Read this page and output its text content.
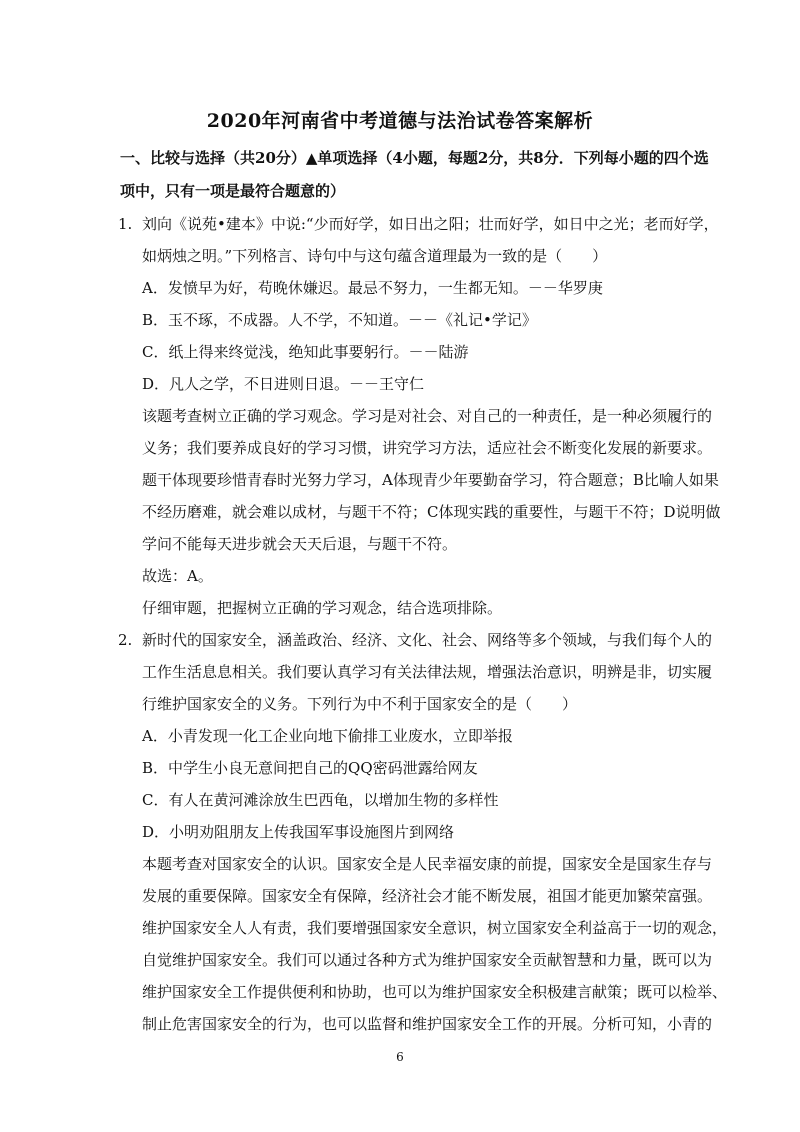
2020年河南省中考道德与法治试卷答案解析
一、比较与选择（共20分）▲单项选择（4小题，每题2分，共8分．下列每小题的四个选
项中，只有一项是最符合题意的）
1. 刘向《说苑•建本》中说:“少而好学，如日出之阳；壮而好学，如日中之光；老而好学，
如炳烛之明。”下列格言、诗句中与这句蕴含道理最为一致的是（　　）
A．发愤早为好，苟晚休嫌迟。最忌不努力，一生都无知。－－华罗庚
B．玉不琢，不成器。人不学，不知道。－－《礼记•学记》
C．纸上得来终觉浅，绝知此事要躬行。－－陆游
D．凡人之学，不日进则日退。－－王守仁
该题考查树立正确的学习观念。学习是对社会、对自己的一种责任，是一种必须履行的
义务；我们要养成良好的学习习惯，讲究学习方法，适应社会不断变化发展的新要求。
题干体现要珍惜青春时光努力学习，A体现青少年要勤奋学习，符合题意；B比喻人如果
不经历磨难，就会难以成材，与题干不符；C体现实践的重要性，与题干不符；D说明做
学问不能每天进步就会天天后退，与题干不符。
故选：A。
仔细审题，把握树立正确的学习观念，结合选项排除。
2. 新时代的国家安全，涵盖政治、经济、文化、社会、网络等多个领域，与我们每个人的
工作生活息息相关。我们要认真学习有关法律法规，增强法治意识，明辨是非，切实履
行维护国家安全的义务。下列行为中不利于国家安全的是（　　）
A．小青发现一化工企业向地下偷排工业废水，立即举报
B．中学生小良无意间把自己的QQ密码泄露给网友
C．有人在黄河滩涂放生巴西龟，以增加生物的多样性
D．小明劝阻朋友上传我国军事设施图片到网络
本题考查对国家安全的认识。国家安全是人民幸福安康的前提，国家安全是国家生存与
发展的重要保障。国家安全有保障，经济社会才能不断发展，祖国才能更加繁荣富强。
维护国家安全人人有责，我们要增强国家安全意识，树立国家安全利益高于一切的观念，
自觉维护国家安全。我们可以通过各种方式为维护国家安全贡献智慧和力量，既可以为
维护国家安全工作提供便利和协助，也可以为维护国家安全积极建言献策；既可以检举、
制止危害国家安全的行为，也可以监督和维护国家安全工作的开展。分析可知，小青的
6
